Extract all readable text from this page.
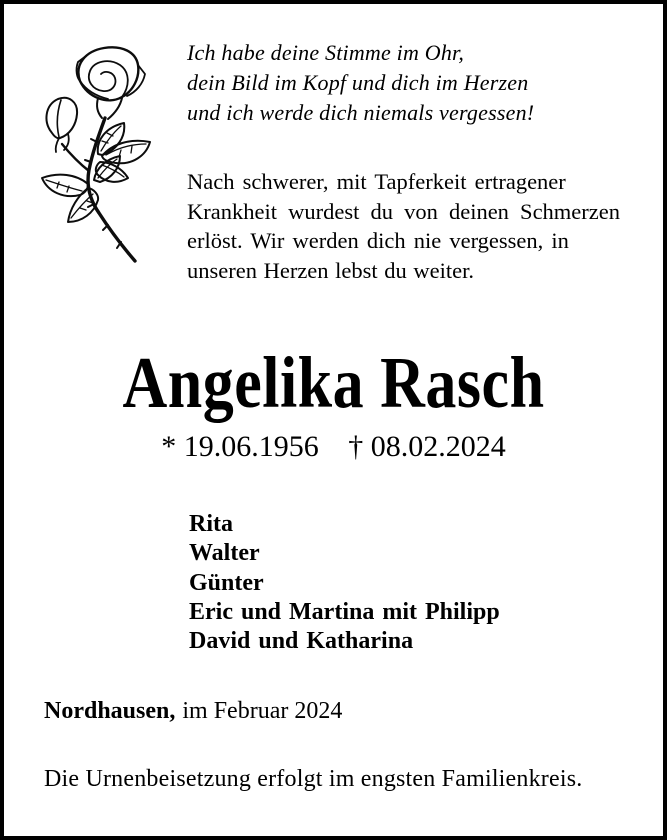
Ich habe deine Stimme im Ohr,
dein Bild im Kopf und dich im Herzen
und ich werde dich niemals vergessen!
Nach schwerer, mit Tapferkeit ertragener
Krankheit wurdest du von deinen Schmerzen
erlöst. Wir werden dich nie vergessen, in
unseren Herzen lebst du weiter.
Angelika Rasch
* 19.06.1956 † 08.02.2024
Rita
Walter
Günter
Eric und Martina mit Philipp
David und Katharina
Nordhausen, im Februar 2024
Die Urnenbeisetzung erfolgt im engsten Familienkreis.
